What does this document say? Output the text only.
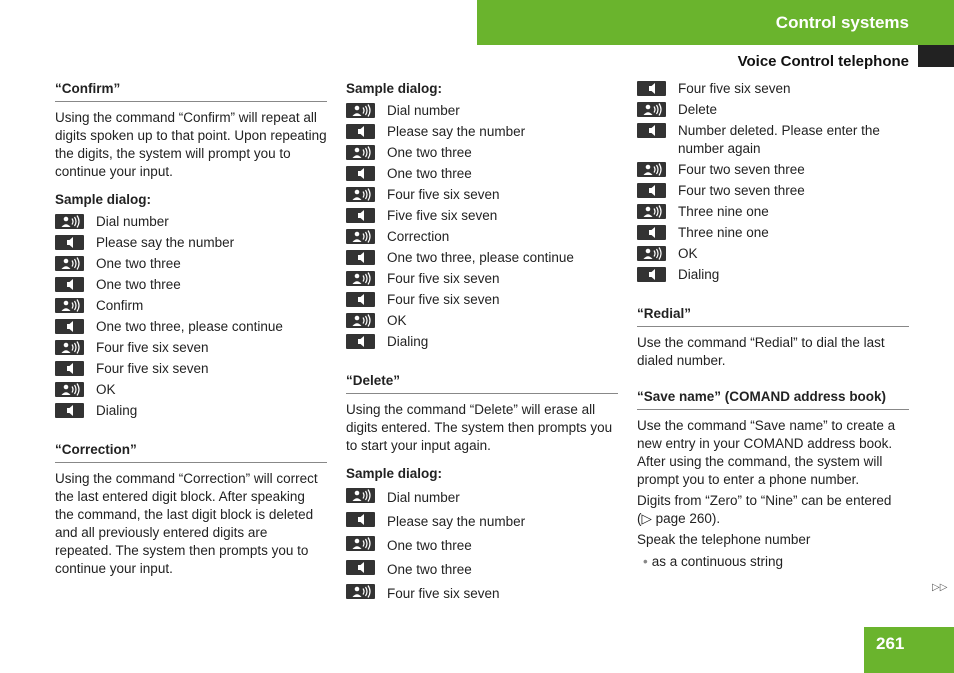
Control systems
Voice Control telephone
“Confirm”

Using the command “Confirm” will repeat all digits spoken up to that point. Upon repeating the digits, the system will prompt you to continue your input.

Sample dialog:
Dial number
Please say the number
One two three
One two three
Confirm
One two three, please continue
Four five six seven
Four five six seven
OK
Dialing
“Correction”

Using the command “Correction” will correct the last entered digit block. After speaking the command, the last digit block is deleted and all previously entered digits are repeated. The system then prompts you to continue your input.

Sample dialog:
Dial number
Please say the number
One two three
One two three
Four five six seven
Five five six seven
Correction
One two three, please continue
Four five six seven
Four five six seven
OK
Dialing
“Delete”

Using the command “Delete” will erase all digits entered. The system then prompts you to start your input again.

Sample dialog:
Dial number
Please say the number
One two three
One two three
Four five six seven
Four five six seven
Delete
Number deleted. Please enter the number again
Four two seven three
Four two seven three
Three nine one
Three nine one
OK
Dialing
“Redial”

Use the command “Redial” to dial the last dialed number.

“Save name” (COMAND address book)

Use the command “Save name” to create a new entry in your COMAND address book. After using the command, the system will prompt you to enter a phone number.

Digits from “Zero” to “Nine” can be entered (▷ page 260).

Speak the telephone number

• as a continuous string
▷▷
261
